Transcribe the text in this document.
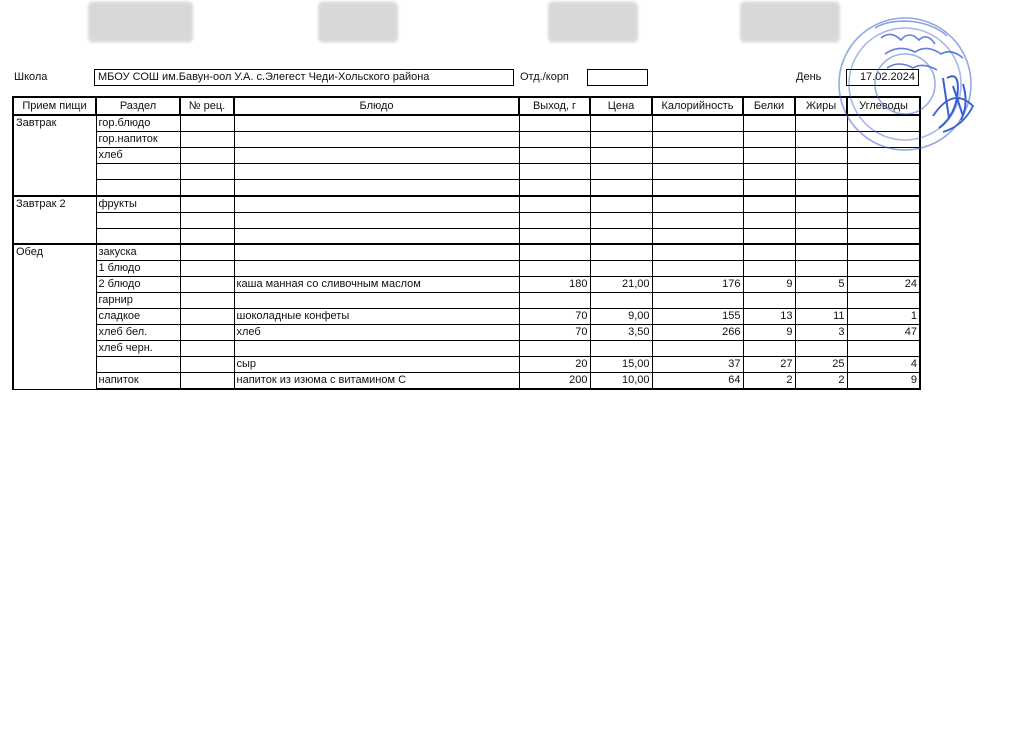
Школа	МБОУ СОШ им.Бавун-оол У.А. с.Элегест Чеди-Хольского района	Отд./корп	День	17.02.2024
Прием пищи	Раздел	№ рец.	Блюдо	Выход, г	Цена	Калорийность	Белки	Жиры	Углеводы
Завтрак	гор.блюдо								
	гор.напиток								
	хлеб								

Завтрак 2	фрукты								

Обед	закуска								
	1 блюдо								
	2 блюдо		каша манная со сливочным маслом	180	21,00	176	9	5	24
	гарнир								
	сладкое		шоколадные конфеты	70	9,00	155	13	11	1
	хлеб бел.		хлеб	70	3,50	266	9	3	47
	хлеб черн.								
			сыр	20	15,00	37	27	25	4
	напиток		напиток из изюма с витамином С	200	10,00	64	2	2	9
